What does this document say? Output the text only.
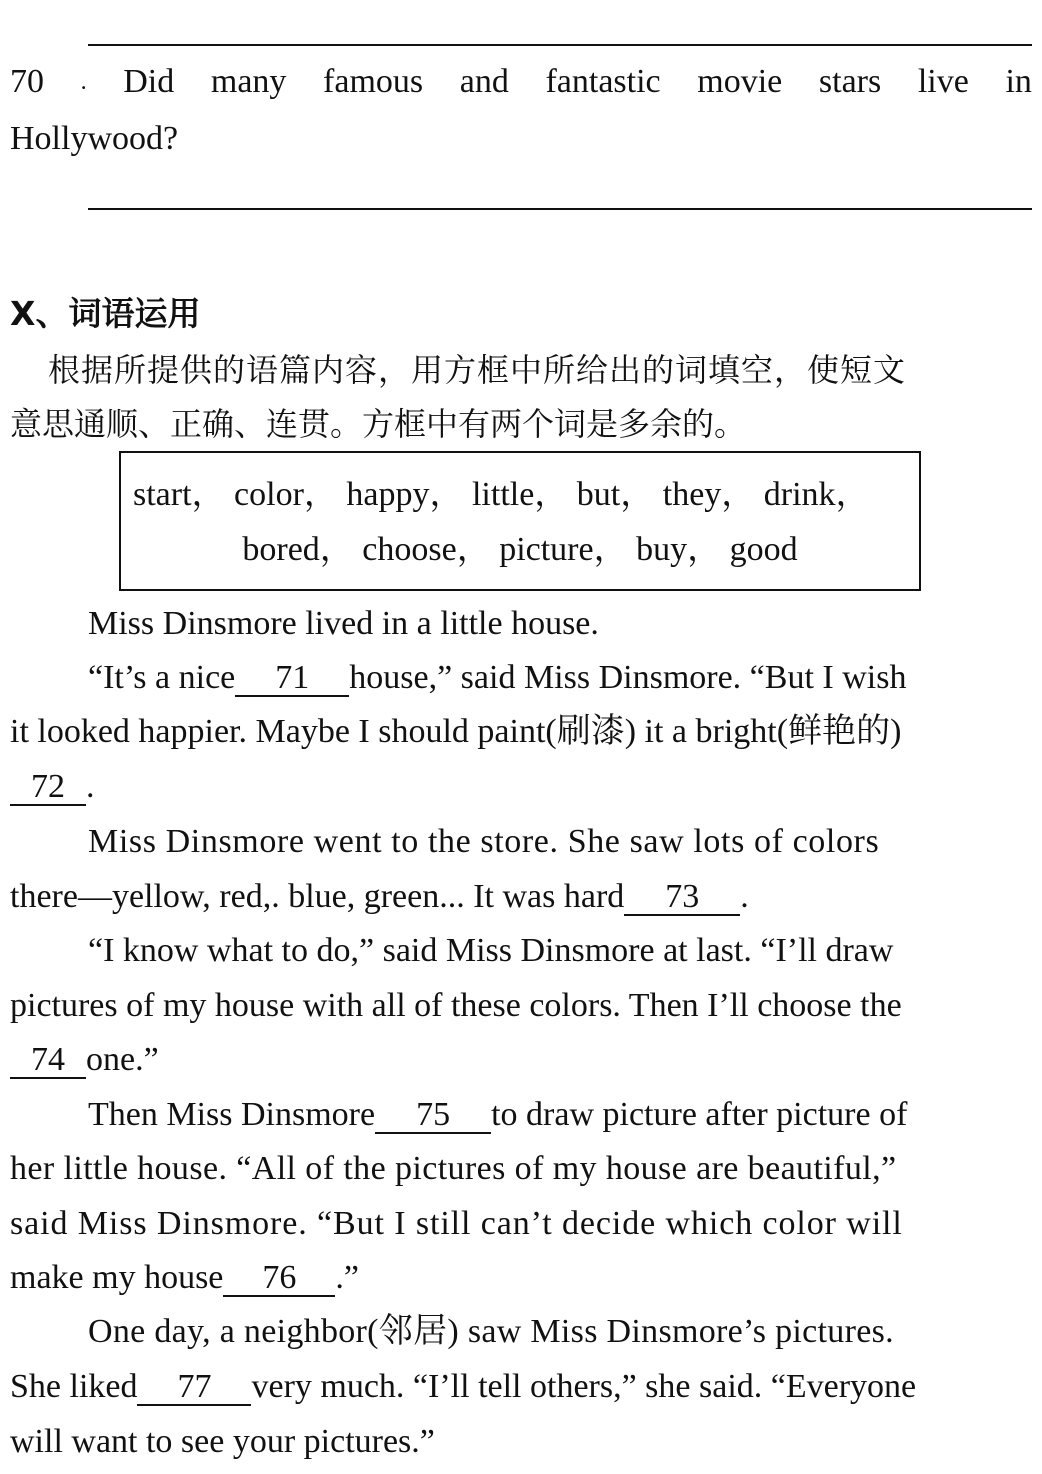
70 . Did many famous and fantastic movie stars live in
Hollywood?
X、词语运用
根据所提供的语篇内容，用方框中所给出的词填空，使短文
意思通顺、正确、连贯。方框中有两个词是多余的。
start， color， happy， little， but， they， drink，
bored， choose， picture， buy， good
Miss Dinsmore lived in a little house.
“It’s a nice 71 house,” said Miss Dinsmore. “But I wish
it looked happier. Maybe I should paint(刷漆) it a bright(鲜艳的)
72 .
Miss Dinsmore went to the store. She saw lots of colors
there—yellow, red,. blue, green... It was hard 73 .
“I know what to do,” said Miss Dinsmore at last. “I’ll draw
pictures of my house with all of these colors. Then I’ll choose the
74 one.”
Then Miss Dinsmore 75 to draw picture after picture of
her little house. “All of the pictures of my house are beautiful,”
said Miss Dinsmore. “But I still can’t decide which color will
make my house 76 .”
One day, a neighbor(邻居) saw Miss Dinsmore’s pictures.
She liked 77 very much. “I’ll tell others,” she said. “Everyone
will want to see your pictures.”
